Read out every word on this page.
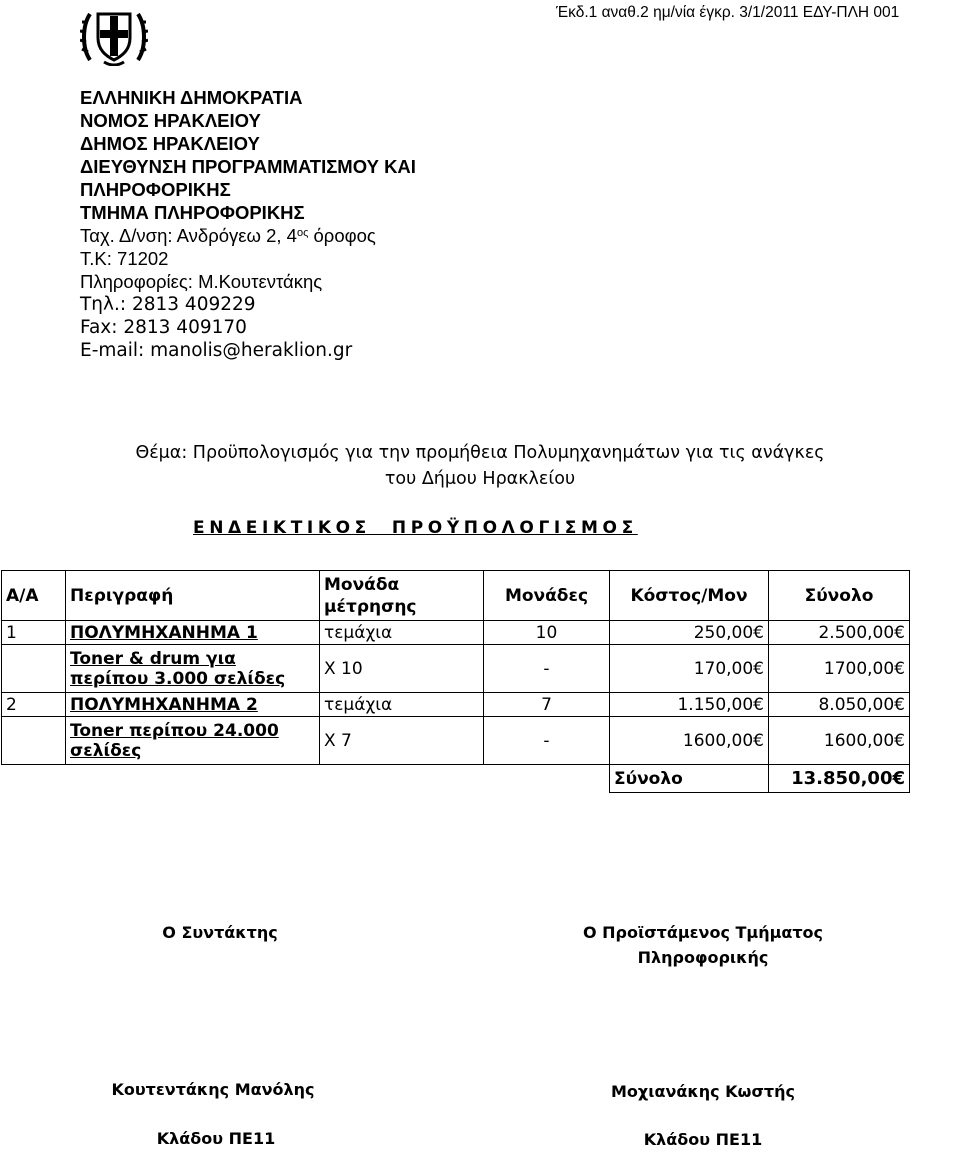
Έκδ.1 αναθ.2 ημ/νία έγκρ. 3/1/2011 ΕΔΥ-ΠΛΗ 001
ΕΛΛΗΝΙΚΗ ΔΗΜΟΚΡΑΤΙΑ
ΝΟΜΟΣ ΗΡΑΚΛΕΙΟΥ
ΔΗΜΟΣ ΗΡΑΚΛΕΙΟΥ
ΔΙΕΥΘΥΝΣΗ ΠΡΟΓΡΑΜΜΑΤΙΣΜΟΥ ΚΑΙ
ΠΛΗΡΟΦΟΡΙΚΗΣ
ΤΜΗΜΑ ΠΛΗΡΟΦΟΡΙΚΗΣ
Ταχ. Δ/νση: Ανδρόγεω 2, $4^{o\varsigma}$ όροφος
Τ.Κ: 71202
Πληροφορίες: Μ.Κουτεντάκης
Τηλ.: 2813 409229
Fax: 2813 409170
E-mail: manolis@heraklion.gr
Θέμα: Προϋπολογισμός για την προμήθεια Πολυμηχανημάτων για τις ανάγκες
του Δήμου Ηρακλείου
ΕΝΔΕΙΚΤΙΚΟΣ  ΠΡΟΫΠΟΛΟΓΙΣΜΟΣ
Α/Α	Περιγραφή	Μονάδα
μέτρησης	Μονάδες	Κόστος/Μον	Σύνολο
1	ΠΟΛΥΜΗΧΑΝΗΜΑ 1	τεμάχια	10	250,00€	2.500,00€

	Toner & drum για
περίπου 3.000 σελίδες	Χ 10	-	170,00€	1700,00€
2	ΠΟΛΥΜΗΧΑΝΗΜΑ 2	τεμάχια	7	1.150,00€	8.050,00€

	Toner περίπου 24.000
σελίδες	Χ 7	-	1600,00€	1600,00€
				Σύνολο	13.850,00€
Ο Συντάκτης	Ο Προϊστάμενος Τμήματος
Πληροφορικής
Κουτεντάκης Μανόλης
Κλάδου ΠΕ11
Μοχιανάκης Κωστής
Κλάδου ΠΕ11
